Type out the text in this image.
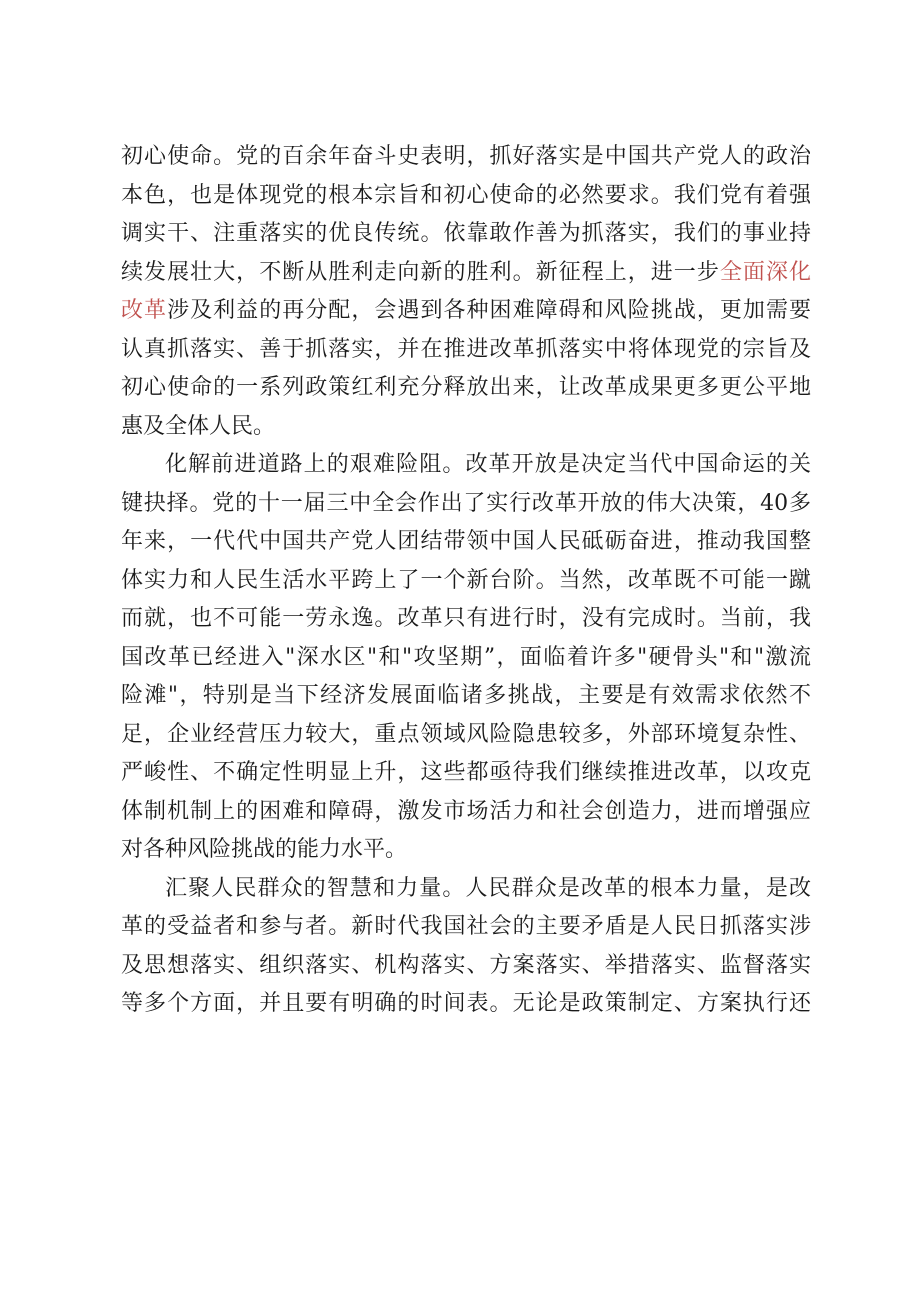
初心使命。党的百余年奋斗史表明，抓好落实是中国共产党人的政治
本色，也是体现党的根本宗旨和初心使命的必然要求。我们党有着强
调实干、注重落实的优良传统。依靠敢作善为抓落实，我们的事业持
续发展壮大，不断从胜利走向新的胜利。新征程上，进一步全面深化
改革涉及利益的再分配，会遇到各种困难障碍和风险挑战，更加需要
认真抓落实、善于抓落实，并在推进改革抓落实中将体现党的宗旨及
初心使命的一系列政策红利充分释放出来，让改革成果更多更公平地
惠及全体人民。
化解前进道路上的艰难险阻。改革开放是决定当代中国命运的关
键抉择。党的十一届三中全会作出了实行改革开放的伟大决策，40多
年来，一代代中国共产党人团结带领中国人民砥砺奋进，推动我国整
体实力和人民生活水平跨上了一个新台阶。当然，改革既不可能一蹴
而就，也不可能一劳永逸。改革只有进行时，没有完成时。当前，我
国改革已经进入"深水区"和"攻坚期”，面临着许多"硬骨头"和"激流
险滩"，特别是当下经济发展面临诸多挑战，主要是有效需求依然不
足，企业经营压力较大，重点领域风险隐患较多，外部环境复杂性、
严峻性、不确定性明显上升，这些都亟待我们继续推进改革，以攻克
体制机制上的困难和障碍，激发市场活力和社会创造力，进而增强应
对各种风险挑战的能力水平。
汇聚人民群众的智慧和力量。人民群众是改革的根本力量，是改
革的受益者和参与者。新时代我国社会的主要矛盾是人民日抓落实涉
及思想落实、组织落实、机构落实、方案落实、举措落实、监督落实
等多个方面，并且要有明确的时间表。无论是政策制定、方案执行还
